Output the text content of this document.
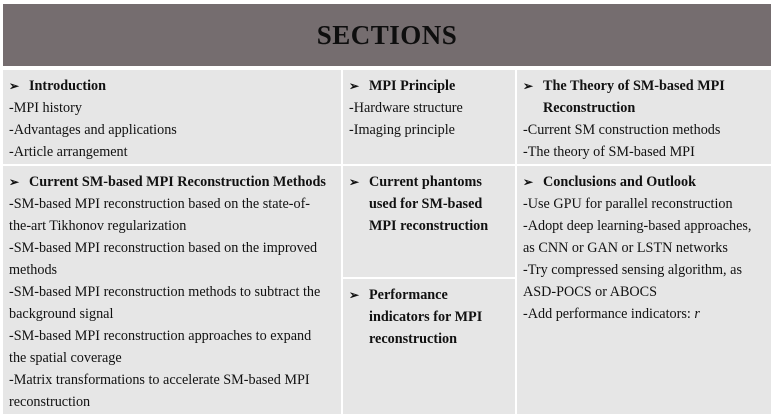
SECTIONS
➢ Introduction
-MPI history
-Advantages and applications
-Article arrangement
➢ MPI Principle
-Hardware structure
-Imaging principle
➢ The Theory of SM-based MPI
Reconstruction
-Current SM construction methods
-The theory of SM-based MPI
➢ Current SM-based MPI Reconstruction Methods
-SM-based MPI reconstruction based on the state-of-
the-art Tikhonov regularization
-SM-based MPI reconstruction based on the improved
methods
-SM-based MPI reconstruction methods to subtract the
background signal
-SM-based MPI reconstruction approaches to expand
the spatial coverage
-Matrix transformations to accelerate SM-based MPI
reconstruction
➢ Current phantoms
used for SM-based
MPI reconstruction
➢ Performance
indicators for MPI
reconstruction
➢ Conclusions and Outlook
-Use GPU for parallel reconstruction
-Adopt deep learning-based approaches,
as CNN or GAN or LSTN networks
-Try compressed sensing algorithm, as
ASD-POCS or ABOCS
-Add performance indicators: r
